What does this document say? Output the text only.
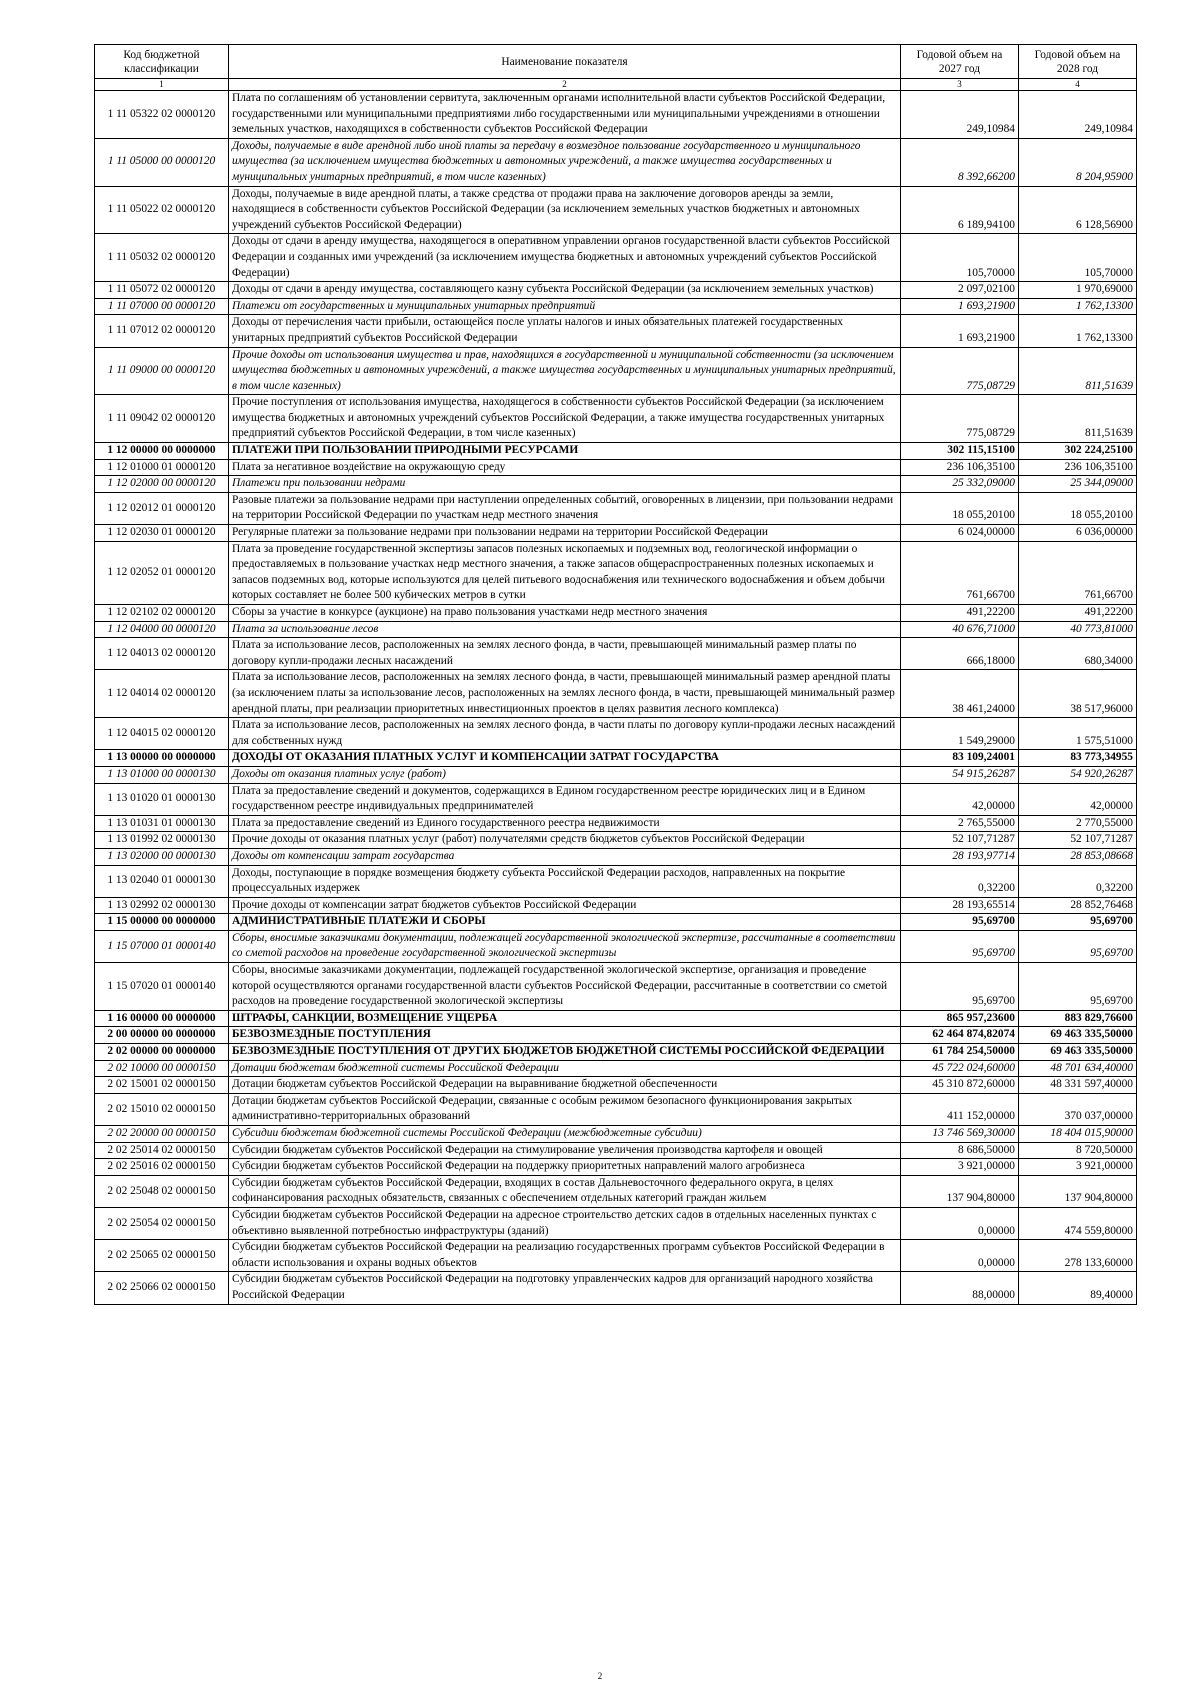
Код бюджетной классификации	Наименование показателя	Годовой объем на 2027 год	Годовой объем на 2028 год
1	2	3	4
1 11 05322 02 0000120	Плата по соглашениям об установлении сервитута, заключенным органами исполнительной власти субъектов Российской Федерации, государственными или муниципальными предприятиями либо государственными или муниципальными учреждениями в отношении земельных участков, находящихся в собственности субъектов Российской Федерации	249,10984	249,10984
1 11 05000 00 0000120	Доходы, получаемые в виде арендной либо иной платы за передачу в возмездное пользование государственного и муниципального имущества (за исключением имущества бюджетных и автономных учреждений, а также имущества государственных и муниципальных унитарных предприятий, в том числе казенных)	8 392,66200	8 204,95900
1 11 05022 02 0000120	Доходы, получаемые в виде арендной платы, а также средства от продажи права на заключение договоров аренды за земли, находящиеся в собственности субъектов Российской Федерации (за исключением земельных участков бюджетных и автономных учреждений субъектов Российской Федерации)	6 189,94100	6 128,56900
1 11 05032 02 0000120	Доходы от сдачи в аренду имущества, находящегося в оперативном управлении органов государственной власти субъектов Российской Федерации и созданных ими учреждений (за исключением имущества бюджетных и автономных учреждений субъектов Российской Федерации)	105,70000	105,70000
1 11 05072 02 0000120	Доходы от сдачи в аренду имущества, составляющего казну субъекта Российской Федерации (за исключением земельных участков)	2 097,02100	1 970,69000
1 11 07000 00 0000120	Платежи от государственных и муниципальных унитарных предприятий	1 693,21900	1 762,13300
1 11 07012 02 0000120	Доходы от перечисления части прибыли, остающейся после уплаты налогов и иных обязательных платежей государственных унитарных предприятий субъектов Российской Федерации	1 693,21900	1 762,13300
1 11 09000 00 0000120	Прочие доходы от использования имущества и прав, находящихся в государственной и муниципальной собственности (за исключением имущества бюджетных и автономных учреждений, а также имущества государственных и муниципальных унитарных предприятий, в том числе казенных)	775,08729	811,51639
1 11 09042 02 0000120	Прочие поступления от использования имущества, находящегося в собственности субъектов Российской Федерации (за исключением имущества бюджетных и автономных учреждений субъектов Российской Федерации, а также имущества государственных унитарных предприятий субъектов Российской Федерации, в том числе казенных)	775,08729	811,51639
1 12 00000 00 0000000	ПЛАТЕЖИ ПРИ ПОЛЬЗОВАНИИ ПРИРОДНЫМИ РЕСУРСАМИ	302 115,15100	302 224,25100
1 12 01000 01 0000120	Плата за негативное воздействие на окружающую среду	236 106,35100	236 106,35100
1 12 02000 00 0000120	Платежи при пользовании недрами	25 332,09000	25 344,09000
1 12 02012 01 0000120	Разовые платежи за пользование недрами при наступлении определенных событий, оговоренных в лицензии, при пользовании недрами на территории Российской Федерации по участкам недр местного значения	18 055,20100	18 055,20100
1 12 02030 01 0000120	Регулярные платежи за пользование недрами при пользовании недрами на территории Российской Федерации	6 024,00000	6 036,00000
1 12 02052 01 0000120	Плата за проведение государственной экспертизы запасов полезных ископаемых и подземных вод, геологической информации о предоставляемых в пользование участках недр местного значения, а также запасов общераспространенных полезных ископаемых и запасов подземных вод, которые используются для целей питьевого водоснабжения или технического водоснабжения и объем добычи которых составляет не более 500 кубических метров в сутки	761,66700	761,66700
1 12 02102 02 0000120	Сборы за участие в конкурсе (аукционе) на право пользования участками недр местного значения	491,22200	491,22200
1 12 04000 00 0000120	Плата за использование лесов	40 676,71000	40 773,81000
1 12 04013 02 0000120	Плата за использование лесов, расположенных на землях лесного фонда, в части, превышающей минимальный размер платы по договору купли-продажи лесных насаждений	666,18000	680,34000
1 12 04014 02 0000120	Плата за использование лесов, расположенных на землях лесного фонда, в части, превышающей минимальный размер арендной платы (за исключением платы за использование лесов, расположенных на землях лесного фонда, в части, превышающей минимальный размер арендной платы, при реализации приоритетных инвестиционных проектов в целях развития лесного комплекса)	38 461,24000	38 517,96000
1 12 04015 02 0000120	Плата за использование лесов, расположенных на землях лесного фонда, в части платы по договору купли-продажи лесных насаждений для собственных нужд	1 549,29000	1 575,51000
1 13 00000 00 0000000	ДОХОДЫ ОТ ОКАЗАНИЯ ПЛАТНЫХ УСЛУГ И КОМПЕНСАЦИИ ЗАТРАТ ГОСУДАРСТВА	83 109,24001	83 773,34955
1 13 01000 00 0000130	Доходы от оказания платных услуг (работ)	54 915,26287	54 920,26287
1 13 01020 01 0000130	Плата за предоставление сведений и документов, содержащихся в Едином государственном реестре юридических лиц и в Едином государственном реестре индивидуальных предпринимателей	42,00000	42,00000
1 13 01031 01 0000130	Плата за предоставление сведений из Единого государственного реестра недвижимости	2 765,55000	2 770,55000
1 13 01992 02 0000130	Прочие доходы от оказания платных услуг (работ) получателями средств бюджетов субъектов Российской Федерации	52 107,71287	52 107,71287
1 13 02000 00 0000130	Доходы от компенсации затрат государства	28 193,97714	28 853,08668
1 13 02040 01 0000130	Доходы, поступающие в порядке возмещения бюджету субъекта Российской Федерации расходов, направленных на покрытие процессуальных издержек	0,32200	0,32200
1 13 02992 02 0000130	Прочие доходы от компенсации затрат бюджетов субъектов Российской Федерации	28 193,65514	28 852,76468
1 15 00000 00 0000000	АДМИНИСТРАТИВНЫЕ ПЛАТЕЖИ И СБОРЫ	95,69700	95,69700
1 15 07000 01 0000140	Сборы, вносимые заказчиками документации, подлежащей государственной экологической экспертизе, рассчитанные в соответствии со сметой расходов на проведение государственной экологической экспертизы	95,69700	95,69700
1 15 07020 01 0000140	Сборы, вносимые заказчиками документации, подлежащей государственной экологической экспертизе, организация и проведение которой осуществляются органами государственной власти субъектов Российской Федерации, рассчитанные в соответствии со сметой расходов на проведение государственной экологической экспертизы	95,69700	95,69700
1 16 00000 00 0000000	ШТРАФЫ, САНКЦИИ, ВОЗМЕЩЕНИЕ УЩЕРБА	865 957,23600	883 829,76600
2 00 00000 00 0000000	БЕЗВОЗМЕЗДНЫЕ ПОСТУПЛЕНИЯ	62 464 874,82074	69 463 335,50000
2 02 00000 00 0000000	БЕЗВОЗМЕЗДНЫЕ ПОСТУПЛЕНИЯ ОТ ДРУГИХ БЮДЖЕТОВ БЮДЖЕТНОЙ СИСТЕМЫ РОССИЙСКОЙ ФЕДЕРАЦИИ	61 784 254,50000	69 463 335,50000
2 02 10000 00 0000150	Дотации бюджетам бюджетной системы Российской Федерации	45 722 024,60000	48 701 634,40000
2 02 15001 02 0000150	Дотации бюджетам субъектов Российской Федерации на выравнивание бюджетной обеспеченности	45 310 872,60000	48 331 597,40000
2 02 15010 02 0000150	Дотации бюджетам субъектов Российской Федерации, связанные с особым режимом безопасного функционирования закрытых административно-территориальных образований	411 152,00000	370 037,00000
2 02 20000 00 0000150	Субсидии бюджетам бюджетной системы Российской Федерации (межбюджетные субсидии)	13 746 569,30000	18 404 015,90000
2 02 25014 02 0000150	Субсидии бюджетам субъектов Российской Федерации на стимулирование увеличения производства картофеля и овощей	8 686,50000	8 720,50000
2 02 25016 02 0000150	Субсидии бюджетам субъектов Российской Федерации на поддержку приоритетных направлений малого агробизнеса	3 921,00000	3 921,00000
2 02 25048 02 0000150	Субсидии бюджетам субъектов Российской Федерации, входящих в состав Дальневосточного федерального округа, в целях софинансирования расходных обязательств, связанных с обеспечением отдельных категорий граждан жильем	137 904,80000	137 904,80000
2 02 25054 02 0000150	Субсидии бюджетам субъектов Российской Федерации на адресное строительство детских садов в отдельных населенных пунктах с объективно выявленной потребностью инфраструктуры (зданий)	0,00000	474 559,80000
2 02 25065 02 0000150	Субсидии бюджетам субъектов Российской Федерации на реализацию государственных программ субъектов Российской Федерации в области использования и охраны водных объектов	0,00000	278 133,60000
2 02 25066 02 0000150	Субсидии бюджетам субъектов Российской Федерации на подготовку управленческих кадров для организаций народного хозяйства Российской Федерации	88,00000	89,40000
2
